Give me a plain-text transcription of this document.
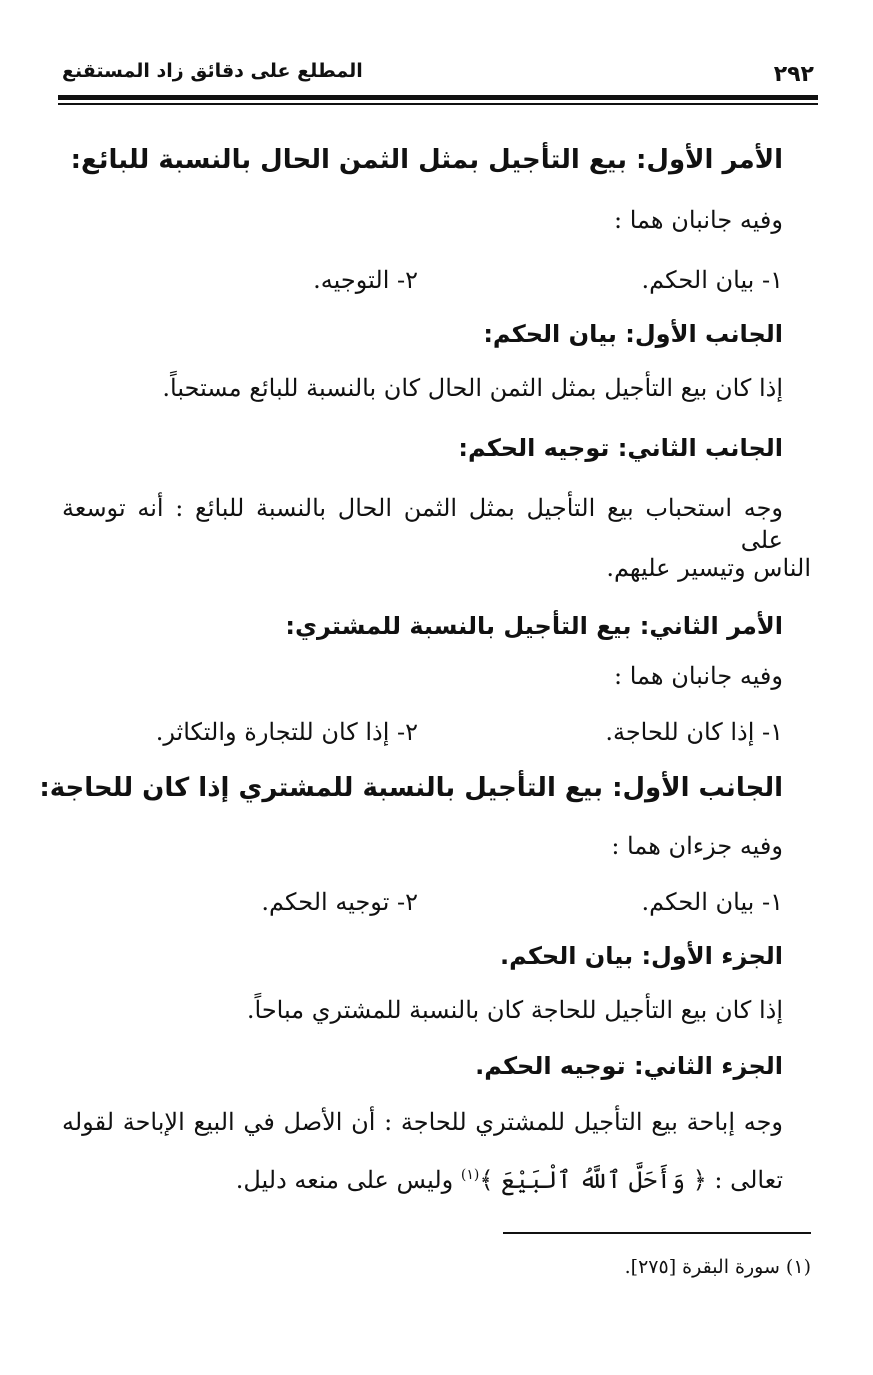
٢٩٢
المطلع على دقائق زاد المستقنع
الأمر الأول: بيع التأجيل بمثل الثمن الحال بالنسبة للبائع:
وفيه جانبان هما :
١- بيان الحكم.
٢- التوجيه.
الجانب الأول: بيان الحكم:
إذا كان بيع التأجيل بمثل الثمن الحال كان بالنسبة للبائع مستحباً.
الجانب الثاني: توجيه الحكم:
وجه استحباب بيع التأجيل بمثل الثمن الحال بالنسبة للبائع : أنه توسعة على
الناس وتيسير عليهم.
الأمر الثاني: بيع التأجيل بالنسبة للمشتري:
وفيه جانبان هما :
١- إذا كان للحاجة.
٢- إذا كان للتجارة والتكاثر.
الجانب الأول: بيع التأجيل بالنسبة للمشتري إذا كان للحاجة:
وفيه جزءان هما :
١- بيان الحكم.
٢- توجيه الحكم.
الجزء الأول: بيان الحكم.
إذا كان بيع التأجيل للحاجة كان بالنسبة للمشتري مباحاً.
الجزء الثاني: توجيه الحكم.
وجه إباحة بيع التأجيل للمشتري للحاجة : أن الأصل في البيع الإباحة لقوله
تعالى : ﴿ وَأَحَلَّ ٱللَّهُ ٱلْبَيْعَ ﴾$^{(١)}$ وليس على منعه دليل.
(١) سورة البقرة [٢٧٥].
